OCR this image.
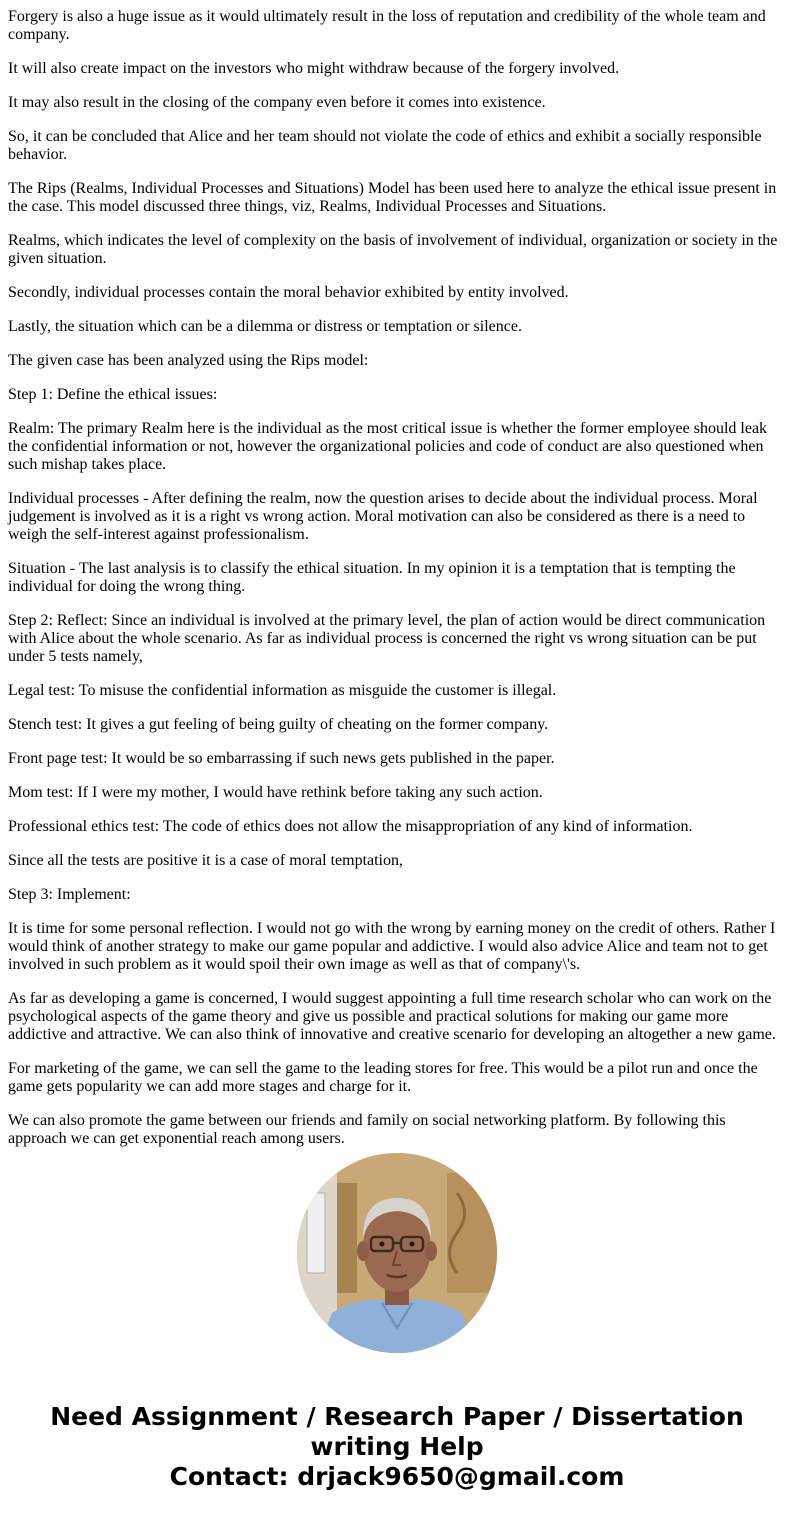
Forgery is also a huge issue as it would ultimately result in the loss of reputation and credibility of the whole team and company.

It will also create impact on the investors who might withdraw because of the forgery involved.

It may also result in the closing of the company even before it comes into existence.

So, it can be concluded that Alice and her team should not violate the code of ethics and exhibit a socially responsible behavior.

The Rips (Realms, Individual Processes and Situations) Model has been used here to analyze the ethical issue present in the case. This model discussed three things, viz, Realms, Individual Processes and Situations.

Realms, which indicates the level of complexity on the basis of involvement of individual, organization or society in the given situation.

Secondly, individual processes contain the moral behavior exhibited by entity involved.

Lastly, the situation which can be a dilemma or distress or temptation or silence.

The given case has been analyzed using the Rips model:

Step 1: Define the ethical issues:

Realm: The primary Realm here is the individual as the most critical issue is whether the former employee should leak the confidential information or not, however the organizational policies and code of conduct are also questioned when such mishap takes place.

Individual processes - After defining the realm, now the question arises to decide about the individual process. Moral judgement is involved as it is a right vs wrong action. Moral motivation can also be considered as there is a need to weigh the self-interest against professionalism.

Situation - The last analysis is to classify the ethical situation. In my opinion it is a temptation that is tempting the individual for doing the wrong thing.

Step 2: Reflect: Since an individual is involved at the primary level, the plan of action would be direct communication with Alice about the whole scenario. As far as individual process is concerned the right vs wrong situation can be put under 5 tests namely,

Legal test: To misuse the confidential information as misguide the customer is illegal.

Stench test: It gives a gut feeling of being guilty of cheating on the former company.

Front page test: It would be so embarrassing if such news gets published in the paper.

Mom test: If I were my mother, I would have rethink before taking any such action.

Professional ethics test: The code of ethics does not allow the misappropriation of any kind of information.

Since all the tests are positive it is a case of moral temptation,

Step 3: Implement:

It is time for some personal reflection. I would not go with the wrong by earning money on the credit of others. Rather I would think of another strategy to make our game popular and addictive. I would also advice Alice and team not to get involved in such problem as it would spoil their own image as well as that of company\'s.

As far as developing a game is concerned, I would suggest appointing a full time research scholar who can work on the psychological aspects of the game theory and give us possible and practical solutions for making our game more addictive and attractive. We can also think of innovative and creative scenario for developing an altogether a new game.

For marketing of the game, we can sell the game to the leading stores for free. This would be a pilot run and once the game gets popularity we can add more stages and charge for it.

We can also promote the game between our friends and family on social networking platform. By following this approach we can get exponential reach among users.

Need Assignment / Research Paper / Dissertation writing Help
Contact: drjack9650@gmail.com
